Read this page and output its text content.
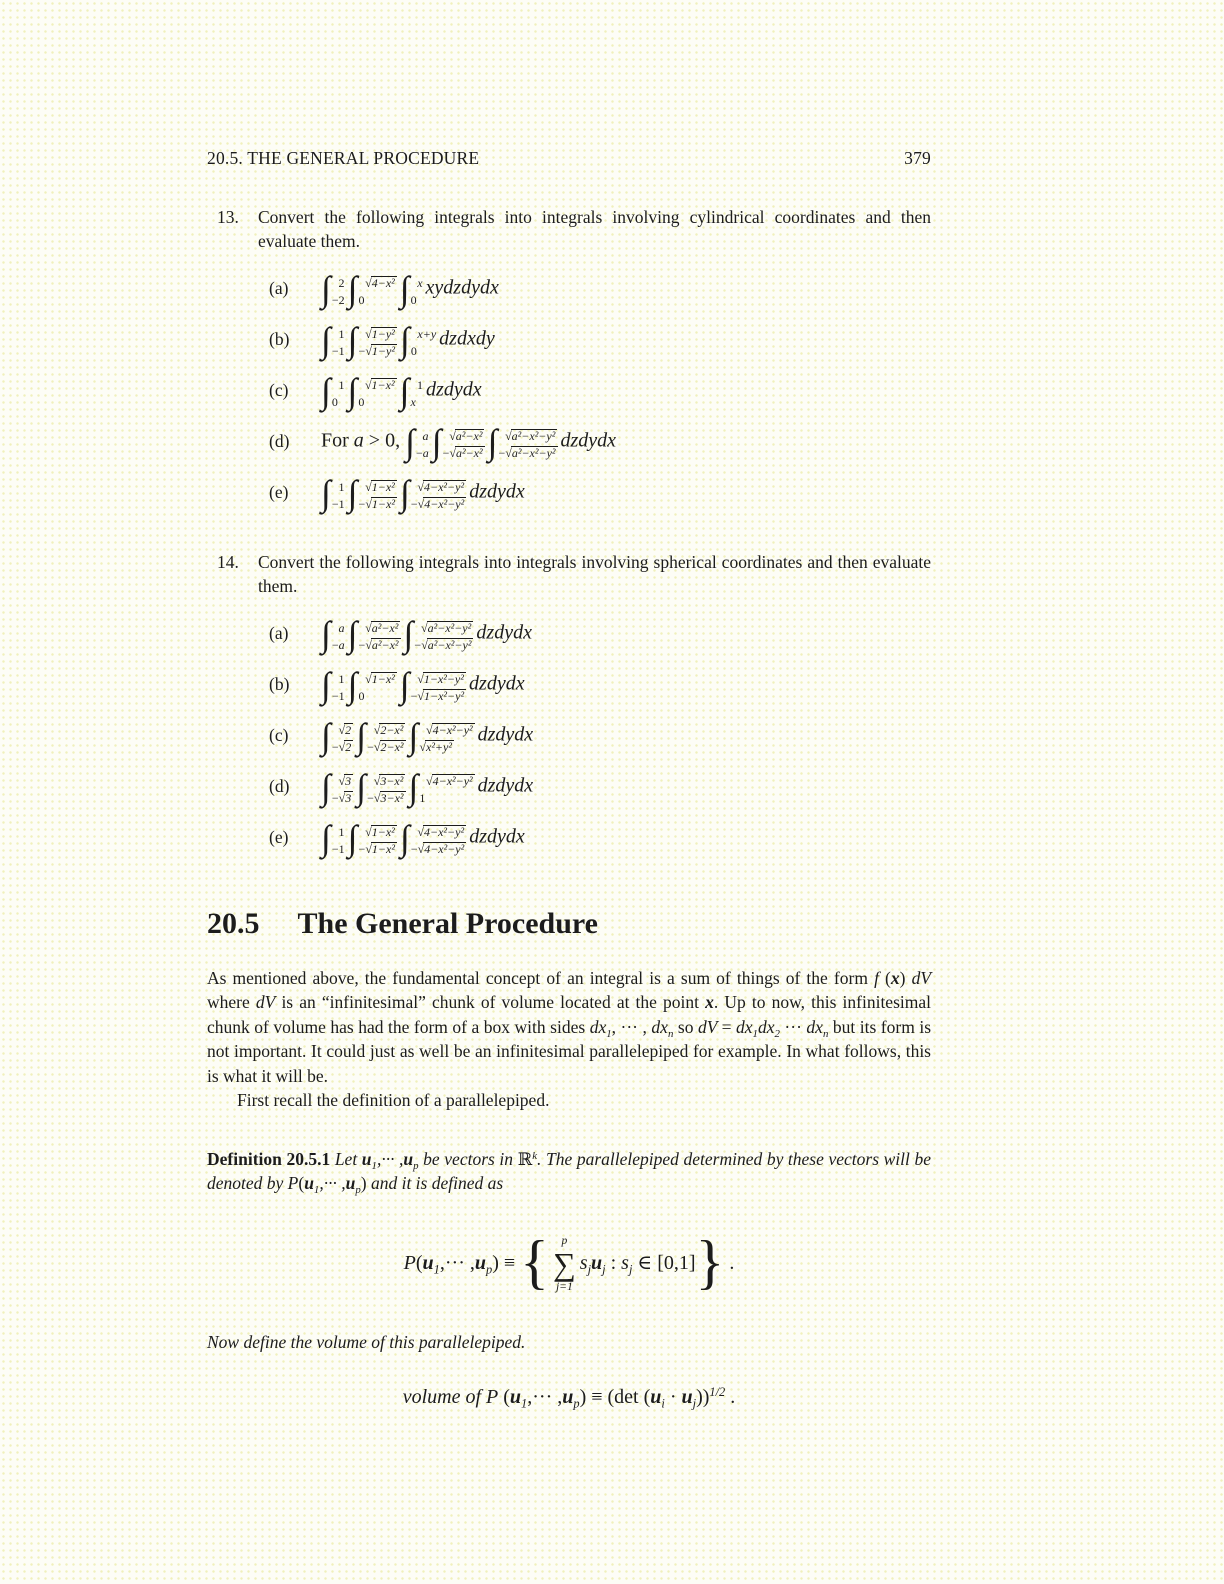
20.5. THE GENERAL PROCEDURE	379
13.	Convert the following integrals into integrals involving cylindrical coordinates and then evaluate them.

(a) ∫ 2
−2 ∫ √4−x²
0 ∫ x
0
xydzdydx
(b) ∫ 1
−1 ∫ √1−y²
−√1−y² ∫ x+y
0
dzdxdy
(c) ∫ 1
0 ∫ √1−x²
0 ∫ 1
x
dzdydx
(d)	For a > 0, ∫ a
−a ∫ √a²−x²
−√a²−x² ∫ √a²−x²−y²
−√a²−x²−y²
dzdydx
(e) ∫ 1
−1 ∫ √1−x²
−√1−x² ∫ √4−x²−y²
−√4−x²−y²
dzdydx
14.	Convert the following integrals into integrals involving spherical coordinates and then evaluate them.

(a) ∫ a
−a ∫ √a²−x²
−√a²−x² ∫ √a²−x²−y²
−√a²−x²−y²
dzdydx
(b) ∫ 1
−1 ∫ √1−x²
0 ∫ √1−x²−y²
−√1−x²−y²
dzdydx
(c) ∫ √2
−√2 ∫ √2−x²
−√2−x² ∫ √4−x²−y²
√x²+y²
dzdydx
(d) ∫ √3
−√3 ∫ √3−x²
−√3−x² ∫ √4−x²−y²
1
dzdydx
(e) ∫ 1
−1 ∫ √1−x²
−√1−x² ∫ √4−x²−y²
−√4−x²−y²
dzdydx
20.5 The General Procedure

As mentioned above, the fundamental concept of an integral is a sum of things of the form f (x) dV where dV is an “infinitesimal” chunk of volume located at the point x. Up to now, this infinitesimal chunk of volume has had the form of a box with sides $dx_1$, ··· , $dx_n$ so dV = $dx_1dx_2$ ··· $dx_n$ but its form is not important. It could just as well be an infinitesimal parallelepiped for example. In what follows, this is what it will be.

First recall the definition of a parallelepiped.

Definition 20.5.1 Let $u_1,\cdot\cdot\cdot ,u_p$ be vectors in ℝ$^k$. The parallelepiped determined by these vectors will be denoted by $P(u_1,\cdot\cdot\cdot ,u_p)$ and it is defined as

$P(u_1,\cdot\cdot\cdot ,u_p)$ ≡ { p
∑
j=1
$s_ju_j$ : $s_j$ ∈ [0,1]} .

Now define the volume of this parallelepiped.

volume of P $(u_1,\cdot\cdot\cdot ,u_p) \equiv (\det$ $(u_i \cdot u_j))^{1/2}$ .
